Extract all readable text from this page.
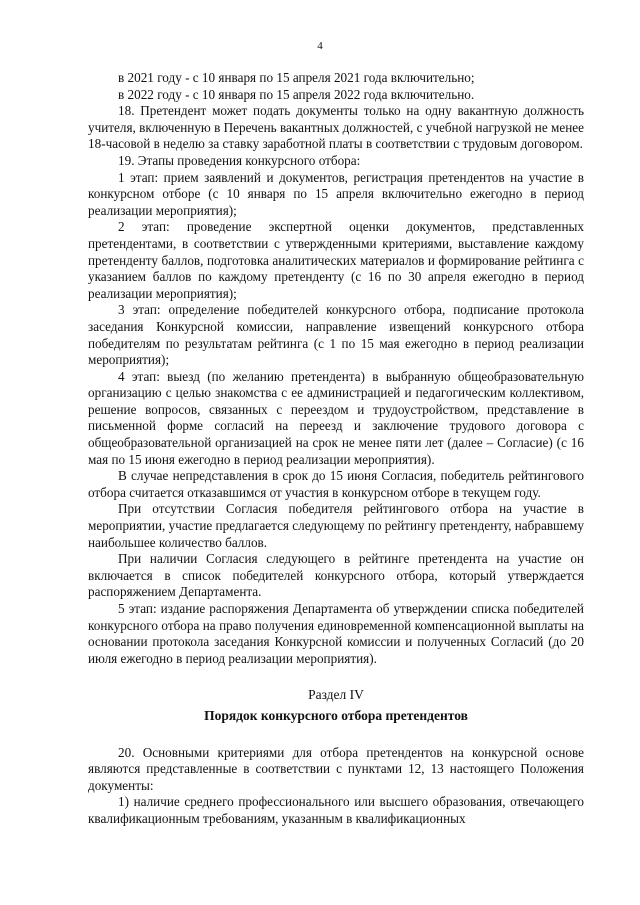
4

в 2021 году - с 10 января по 15 апреля 2021 года включительно;

в 2022 году - с 10 января по 15 апреля 2022 года включительно.

18. Претендент может подать документы только на одну вакантную должность учителя, включенную в Перечень вакантных должностей, с учебной нагрузкой не менее 18-часовой в неделю за ставку заработной платы в соответствии с трудовым договором.

19. Этапы проведения конкурсного отбора:

1 этап: прием заявлений и документов, регистрация претендентов на участие в конкурсном отборе (с 10 января по 15 апреля включительно ежегодно в период реализации мероприятия);

2 этап: проведение экспертной оценки документов, представленных претендентами, в соответствии с утвержденными критериями, выставление каждому претенденту баллов, подготовка аналитических материалов и формирование рейтинга с указанием баллов по каждому претенденту (с 16 по 30 апреля ежегодно в период реализации мероприятия);

3 этап: определение победителей конкурсного отбора, подписание протокола заседания Конкурсной комиссии, направление извещений конкурсного отбора победителям по результатам рейтинга (с 1 по 15 мая ежегодно в период реализации мероприятия);

4 этап: выезд (по желанию претендента) в выбранную общеобразовательную организацию с целью знакомства с ее администрацией и педагогическим коллективом, решение вопросов, связанных с переездом и трудоустройством, представление в письменной форме согласий на переезд и заключение трудового договора с общеобразовательной организацией на срок не менее пяти лет (далее – Согласие) (с 16 мая по 15 июня ежегодно в период реализации мероприятия).

В случае непредставления в срок до 15 июня Согласия, победитель рейтингового отбора считается отказавшимся от участия в конкурсном отборе в текущем году.

При отсутствии Согласия победителя рейтингового отбора на участие в мероприятии, участие предлагается следующему по рейтингу претенденту, набравшему наибольшее количество баллов.

При наличии Согласия следующего в рейтинге претендента на участие он включается в список победителей конкурсного отбора, который утверждается распоряжением Департамента.

5 этап: издание распоряжения Департамента об утверждении списка победителей конкурсного отбора на право получения единовременной компенсационной выплаты на основании протокола заседания Конкурсной комиссии и полученных Согласий (до 20 июля ежегодно в период реализации мероприятия).

Раздел IV

Порядок конкурсного отбора претендентов

20. Основными критериями для отбора претендентов на конкурсной основе являются представленные в соответствии с пунктами 12, 13 настоящего Положения документы:

1) наличие среднего профессионального или высшего образования, отвечающего квалификационным требованиям, указанным в квалификационных
